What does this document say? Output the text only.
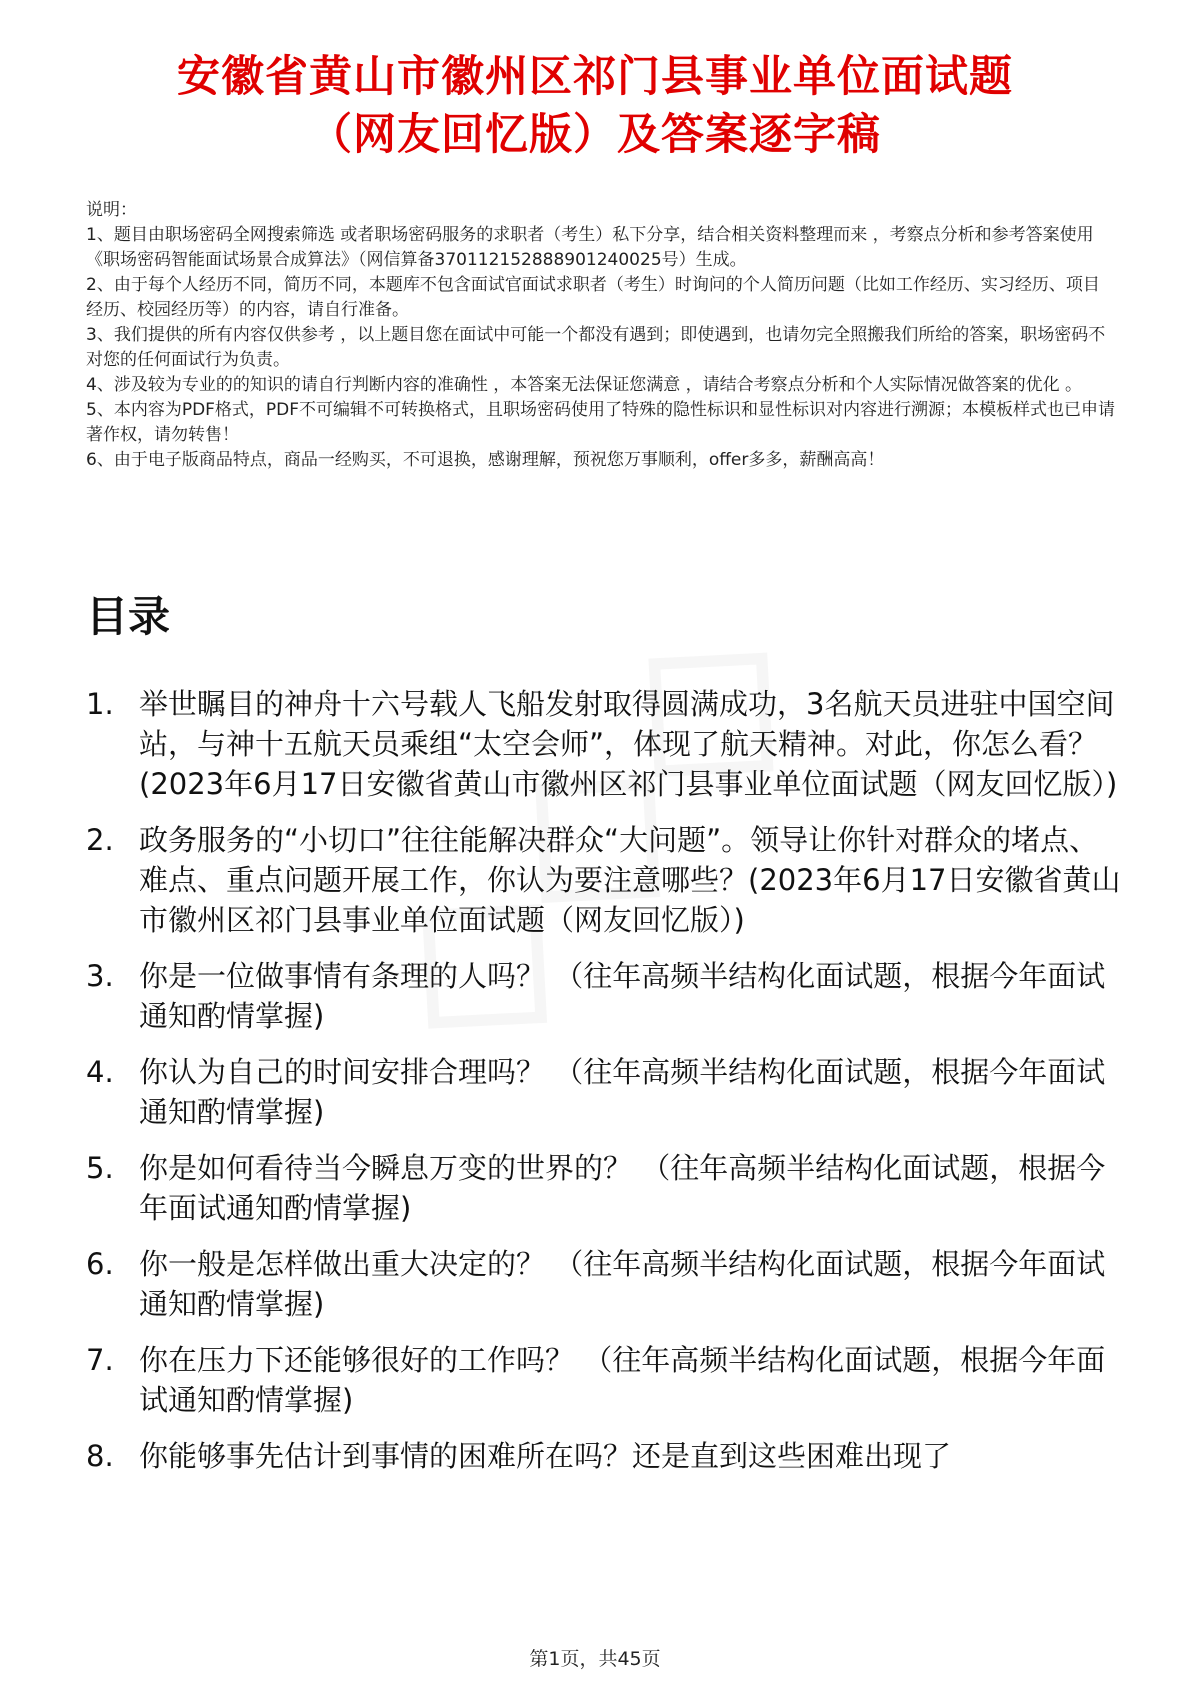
安徽省黄山市徽州区祁门县事业单位面试题
（网友回忆版）及答案逐字稿

说明：

1、题目由职场密码全网搜索筛选 或者职场密码服务的求职者（考生）私下分享，结合相关资料整理而来 ，考察点分析和参考答案使用《职场密码智能面试场景合成算法》（网信算备370112152888901240025号）生成。

2、由于每个人经历不同，简历不同，本题库不包含面试官面试求职者（考生）时询问的个人简历问题（比如工作经历、实习经历、项目经历、校园经历等）的内容，请自行准备。

3、我们提供的所有内容仅供参考 ，以上题目您在面试中可能一个都没有遇到；即使遇到，也请勿完全照搬我们所给的答案，职场密码不对您的任何面试行为负责。

4、涉及较为专业的的知识的请自行判断内容的准确性 ，本答案无法保证您满意 ，请结合考察点分析和个人实际情况做答案的优化 。

5、本内容为PDF格式，PDF不可编辑不可转换格式，且职场密码使用了特殊的隐性标识和显性标识对内容进行溯源；本模板样式也已申请著作权，请勿转售！

6、由于电子版商品特点，商品一经购买，不可退换，感谢理解，预祝您万事顺利，offer多多，薪酬高高！

目录
1. 举世瞩目的神舟十六号载人飞船发射取得圆满成功，3名航天员进驻中国空间站，与神十五航天员乘组“太空会师”，体现了航天精神。对此，你怎么看？(2023年6月17日安徽省黄山市徽州区祁门县事业单位面试题（网友回忆版）)
2. 政务服务的“小切口”往往能解决群众“大问题”。领导让你针对群众的堵点、难点、重点问题开展工作，你认为要注意哪些？(2023年6月17日安徽省黄山市徽州区祁门县事业单位面试题（网友回忆版）)
3. 你是一位做事情有条理的人吗？ （往年高频半结构化面试题，根据今年面试通知酌情掌握)
4. 你认为自己的时间安排合理吗？ （往年高频半结构化面试题，根据今年面试通知酌情掌握)
5. 你是如何看待当今瞬息万变的世界的？ （往年高频半结构化面试题，根据今年面试通知酌情掌握)
6. 你一般是怎样做出重大决定的？ （往年高频半结构化面试题，根据今年面试通知酌情掌握)
7. 你在压力下还能够很好的工作吗？ （往年高频半结构化面试题，根据今年面试通知酌情掌握)
8. 你能够事先估计到事情的困难所在吗？还是直到这些困难出现了
第1页，共45页
